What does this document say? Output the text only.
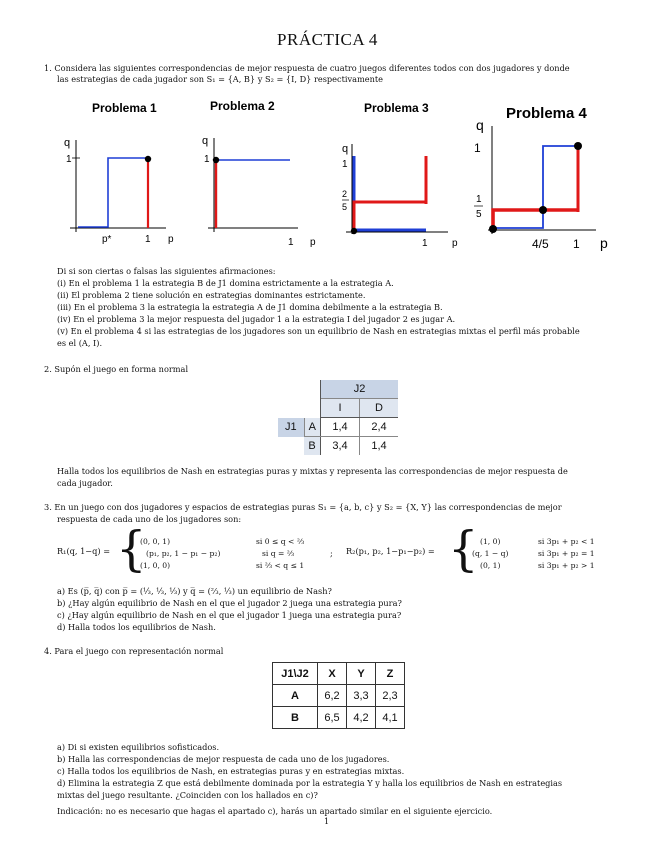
PRÁCTICA 4
1. Considera las siguientes correspondencias de mejor respuesta de cuatro juegos diferentes todos con dos jugadores y donde
las estrategias de cada jugador son S₁ = {A, B} y S₂ = {I, D} respectivamente
Problema 1
q
1
p*	1 p
Problema 2
q
1
1 p
Problema 3
q
1
2
5
1 p
Problema 4
q
1
1
5
4/5 1 p
Di si son ciertas o falsas las siguientes afirmaciones:
(i) En el problema 1 la estrategia B de J1 domina estrictamente a la estrategia A.
(ii) El problema 2 tiene solución en estrategias dominantes estrictamente.
(iii) En el problema 3 la estrategia la estrategia A de J1 domina debilmente a la estrategia B.
(iv) En el problema 3 la mejor respuesta del jugador 1 a la estrategia I del jugador 2 es jugar A.
(v) En el problema 4 si las estrategias de los jugadores son un equilibrio de Nash en estrategias mixtas el perfil más probable
es el (A, I).
2. Supón el juego en forma normal
		J2	
		I	D
J1	A	1,4	2,4
	B	3,4	1,4
Halla todos los equilibrios de Nash en estrategias puras y mixtas y representa las correspondencias de mejor respuesta de
cada jugador.
3. En un juego con dos jugadores y espacios de estrategias puras S₁ = {a, b, c} y S₂ = {X, Y} las correspondencias de mejor
respuesta de cada uno de los jugadores son:
R₁(q, 1−q) = {
(0, 0, 1)
(p₁, p₂, 1 − p₁ − p₂)
(1, 0, 0)
si 0 ≤ q < ⅔
si q = ⅔
si ⅔ < q ≤ 1
; R₂(p₁, p₂, 1−p₁−p₂) = { (1, 0)
(q, 1 − q)
(0, 1)
si 3p₁ + p₂ < 1
si 3p₁ + p₂ = 1
si 3p₁ + p₂ > 1
a) Es (p̅, q̅) con p̅ = (⅓, ⅓, ⅓) y q̅ = (⅔, ⅓) un equilibrio de Nash?
b) ¿Hay algún equilibrio de Nash en el que el jugador 2 juega una estrategia pura?
c) ¿Hay algún equilibrio de Nash en el que el jugador 1 juega una estrategia pura?
d) Halla todos los equilibrios de Nash.
4. Para el juego con representación normal
J1\J2	X	Y	Z
A	6,2	3,3	2,3
B	6,5	4,2	4,1
a) Di si existen equilibrios sofisticados.
b) Halla las correspondencias de mejor respuesta de cada uno de los jugadores.
c) Halla todos los equilibrios de Nash, en estrategias puras y en estrategias mixtas.
d) Elimina la estrategia Z que está debilmente dominada por la estrategia Y y halla los equilibrios de Nash en estrategias
mixtas del juego resultante. ¿Coinciden con los hallados en c)?
Indicación: no es necesario que hagas el apartado c), harás un apartado similar en el siguiente ejercicio.
1
